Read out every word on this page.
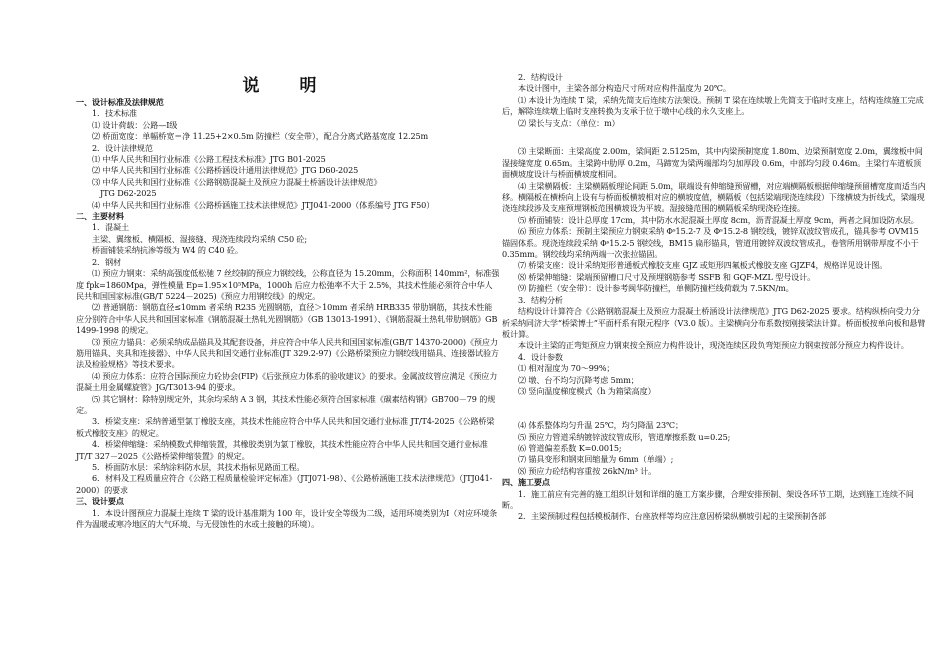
说 明
一、设计标准及法律规范
1．技术标准
⑴ 设计荷载：公路—Ⅰ级
⑵ 桥面宽度：单幅桥宽＝净 11.25+2×0.5m 防撞栏（安全带），配合分离式路基宽度 12.25m
2．设计法律规范
⑴ 中华人民共和国行业标准《公路工程技术标准》JTG B01-2025
⑵ 中华人民共和国行业标准《公路桥涵设计通用法律规范》JTG D60-2025
⑶ 中华人民共和国行业标准《公路钢筋混凝土及预应力混凝土桥涵设计法律规范》
JTG D62-2025
⑷ 中华人民共和国行业标准《公路桥涵施工技术法律规范》JTJ041-2000（体系编号 JTG F50）
二、主要材料
1．混凝土
主梁、翼缘板、横隔板、湿接缝、现浇连续段均采纳 C50 砼;
桥面铺装采纳抗渗等级为 W4 的 C40 砼。
2．钢材
⑴ 预应力钢束：采纳高强度低松驰 7 丝绞制的预应力钢绞线，公称直径为 15.20mm，公称面积 140mm²，标准强度 fpk=1860Mpa，弹性模量 Ep=1.95×10⁵MPa，1000h 后应力松弛率不大于 2.5%，其技术性能必须符合中华人民共和国国家标准(GB/T 5224－2025)《预应力用钢绞线》的规定。
⑵ 普通钢筋：钢筋直径≤10mm 者采纳 R235 光圆钢筋，直径＞10mm 者采纳 HRB335 带肋钢筋，其技术性能应分别符合中华人民共和国国家标准《钢筋混凝土热轧光圆钢筋》（GB 13013-1991）、《钢筋混凝土热轧带肋钢筋》GB 1499-1998 的规定。
⑶ 预应力锚具：必须采纳成品锚具及其配套设备，并应符合中华人民共和国国家标准(GB/T 14370-2000)《预应力筋用锚具、夹具和连接器》、中华人民共和国交通行业标准(JT 329.2-97)《公路桥梁预应力钢绞线用锚具、连接器试验方法及检验规格》等技术要求。
⑷ 预应力体系：应符合国际预应力砼协会(FIP)《后张预应力体系的验收建议》的要求。金属波纹管应满足《预应力混凝土用金属螺旋管》JG/T3013-94 的要求。
⑸ 其它钢材：除特别规定外，其余均采纳 A 3 钢，其技术性能必须符合国家标准《碳素结构钢》GB700－79 的规定。
3．桥梁支座：采纳普通型氯丁橡胶支座，其技术性能应符合中华人民共和国交通行业标准 JT/T4-2025《公路桥梁板式橡胶支座》的规定。
4．桥梁伸缩缝：采纳模数式伸缩装置，其橡胶类别为氯丁橡胶，其技术性能应符合中华人民共和国交通行业标准 JT/T 327－2025《公路桥梁伸缩装置》的规定。
5．桥面防水层：采纳涂料防水层，其技术指标见路面工程。
6．材料及工程质量应符合《公路工程质量检验评定标准》（JTJ071-98）、《公路桥涵施工技术法律规范》（JTJ041-2000）的要求
三、设计要点
1．本设计图预应力混凝土连续 T 梁的设计基准期为 100 年，设计安全等级为二级，适用环境类别为Ⅰ（对应环境条件为温暖或寒冷地区的大气环境、与无侵蚀性的水或土接触的环境）。
2．结构设计
本设计图中，主梁各部分构造尺寸所对应构件温度为 20℃。
⑴ 本设计为连续 T 梁，采纳先简支后连续方法架设。预制 T 梁在连续墩上先简支于临时支座上，结构连续施工完成后，解除连续墩上临时支座转换为支承于位于墩中心线的永久支座上。
⑵ 梁长与支点：（单位：m）
⑶ 主梁断面：主梁高度 2.00m，梁间距 2.5125m，其中内梁预制宽度 1.80m、边梁预制宽度 2.0m，翼缘板中间湿接缝宽度 0.65m。主梁跨中肋厚 0.2m，马蹄宽为梁两端部均匀加厚段 0.6m，中部均匀段 0.46m。主梁行车道板顶面横坡度设计与桥面横坡度相同。
⑷ 主梁横隔板：主梁横隔板理论间距 5.0m，联端设有伸缩缝预留槽，对应端横隔板根据伸缩缝预留槽宽度而适当内移。横隔板在横桥向上设有与桥面板横坡相对应的横坡度值，横隔板（包括梁端现浇连续段）下缘横坡为折线式，梁端现浇连续段涉及支座预埋钢板范围横坡设为平坡。湿接缝范围的横隔板采纳现浇砼连接。
⑸ 桥面铺装：设计总厚度 17cm，其中防水水泥混凝土厚度 8cm，沥青混凝土厚度 9cm，两者之间加设防水层。
⑹ 预应力体系：预制主梁预应力钢束采纳 Φˢ15.2-7 及 Φˢ15.2-8 钢绞线，镀锌双波纹管成孔，锚具参考 OVM15 锚固体系。现浇连续段采纳 Φˢ15.2-5 钢绞线，BM15 扁形锚具，管道用镀锌双波纹管成孔，卷管所用钢带厚度不小于 0.35mm。钢绞线均采纳两端一次张拉锚固。
⑺ 桥梁支座：设计采纳矩形普通板式橡胶支座 GJZ 或矩形四氟板式橡胶支座 GJZF4，规格详见设计图。
⑻ 桥梁伸缩缝：梁端预留槽口尺寸及预埋钢筋参考 SSFB 和 GQF-MZL 型号设计。
⑼ 防撞栏（安全带）：设计参考闽华防撞栏，单侧防撞栏线荷载为 7.5KN/m。
3．结构分析
结构设计计算符合《公路钢筋混凝土及预应力混凝土桥涵设计法律规范》JTG D62-2025 要求。结构纵桥向受力分析采纳同济大学“桥梁博士”平面杆系有限元程序（V3.0 版）。主梁横向分布系数按刚接梁法计算。桥面板按单向板和悬臂板计算。
本设计主梁的正弯矩预应力钢束按全预应力构件设计，现浇连续区段负弯矩预应力钢束按部分预应力构件设计。
4．设计参数
⑴ 相对湿度为 70～99%；
⑵ 墩、台不均匀沉降考虑 5mm；
⑶ 竖向温度梯度模式（h 为箱梁高度）
⑷ 体系整体均匀升温 25℃，均匀降温 23℃；
⑸ 预应力管道采纳镀锌波纹管成形，管道摩擦系数 u=0.25;
⑹ 管道偏差系数 K=0.0015;
⑺ 锚具变形和钢束回缩量为 6mm（单端）;
⑻ 预应力砼结构容重按 26kN/m³ 计。
四、施工要点
1．施工前应有完善的施工组织计划和详细的施工方案步骤，合理安排预制、架设各环节工期，达到施工连续不间断。
2．主梁预制过程包括模板制作、台座放样等均应注意因桥梁纵横坡引起的主梁预制各部
